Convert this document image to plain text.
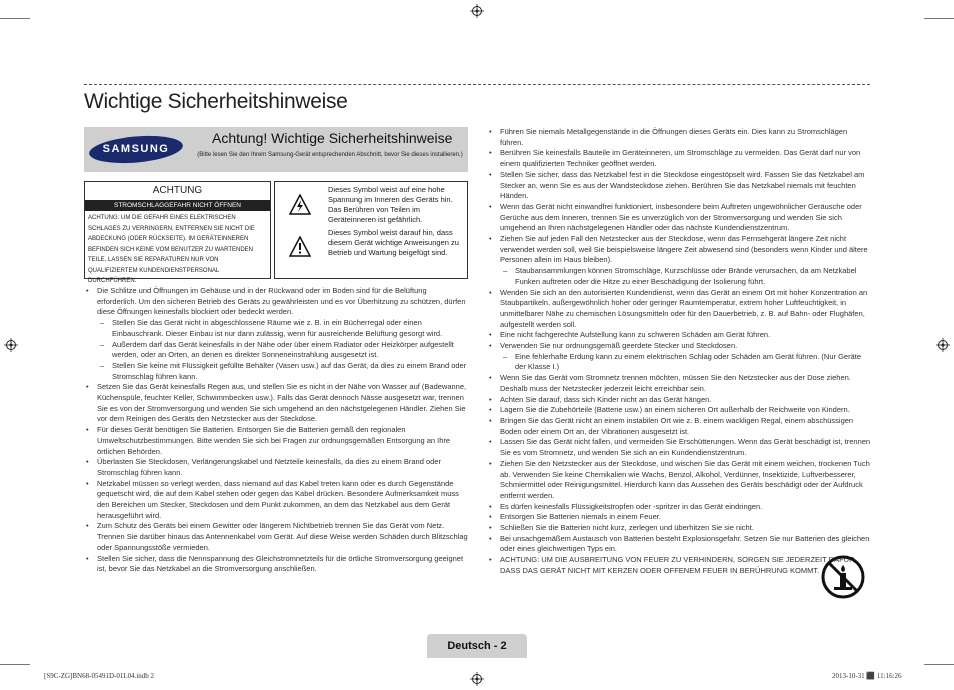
Wichtige Sicherheitshinweise
SAMSUNG
Achtung! Wichtige Sicherheitshinweise
(Bitte lesen Sie den Ihrem Samsung-Gerät entsprechenden Abschnitt, bevor Sie dieses installieren.)
ACHTUNG
STROMSCHLAGGEFAHR NICHT ÖFFNEN
ACHTUNG: UM DIE GEFAHR EINES ELEKTRISCHEN SCHLAGES ZU VERRINGERN, ENTFERNEN SIE NICHT DIE ABDECKUNG (ODER RÜCKSEITE). IM GERÄTEINNEREN BEFINDEN SICH KEINE VOM BENUTZER ZU WARTENDEN TEILE. LASSEN SIE REPARATUREN NUR VON QUALIFIZIERTEM KUNDENDIENSTPERSONAL DURCHFÜHREN.
Dieses Symbol weist auf eine hohe Spannung im Inneren des Geräts hin. Das Berühren von Teilen im Geräteinneren ist gefährlich.
Dieses Symbol weist darauf hin, dass diesem Gerät wichtige Anweisungen zu Betrieb und Wartung beigefügt sind.
• Die Schlitze und Öffnungen im Gehäuse und in der Rückwand oder im Boden sind für die Belüftung erforderlich. Um den sicheren Betrieb des Geräts zu gewährleisten und es vor Überhitzung zu schützen, dürfen diese Öffnungen keinesfalls blockiert oder bedeckt werden.
– Stellen Sie das Gerät nicht in abgeschlossene Räume wie z. B. in ein Bücherregal oder einen Einbauschrank. Dieser Einbau ist nur dann zulässig, wenn für ausreichende Belüftung gesorgt wird.
– Außerdem darf das Gerät keinesfalls in der Nähe oder über einem Radiator oder Heizkörper aufgestellt werden, oder an Orten, an denen es direkter Sonneneinstrahlung ausgesetzt ist.
– Stellen Sie keine mit Flüssigkeit gefüllte Behälter (Vasen usw.) auf das Gerät, da dies zu einem Brand oder Stromschlag führen kann.
• Setzen Sie das Gerät keinesfalls Regen aus, und stellen Sie es nicht in der Nähe von Wasser auf (Badewanne, Küchenspüle, feuchter Keller, Schwimmbecken usw.). Falls das Gerät dennoch Nässe ausgesetzt war, trennen Sie es von der Stromversorgung und wenden Sie sich umgehend an den nächstgelegenen Händler. Ziehen Sie vor dem Reinigen des Geräts den Netzstecker aus der Steckdose.
• Für dieses Gerät benötigen Sie Batterien. Entsorgen Sie die Batterien gemäß den regionalen Umweltschutzbestimmungen. Bitte wenden Sie sich bei Fragen zur ordnungsgemäßen Entsorgung an Ihre örtlichen Behörden.
• Überlasten Sie Steckdosen, Verlängerungskabel und Netzteile keinesfalls, da dies zu einem Brand oder Stromschlag führen kann.
• Netzkabel müssen so verlegt werden, dass niemand auf das Kabel treten kann oder es durch Gegenstände gequetscht wird, die auf dem Kabel stehen oder gegen das Kabel drücken. Besondere Aufmerksamkeit muss den Bereichen um Stecker, Steckdosen und dem Punkt zukommen, an dem das Netzkabel aus dem Gerät herausgeführt wird.
• Zum Schutz des Geräts bei einem Gewitter oder längerem Nichtbetrieb trennen Sie das Gerät vom Netz. Trennen Sie darüber hinaus das Antennenkabel vom Gerät. Auf diese Weise werden Schäden durch Blitzschlag oder Spannungsstöße vermieden.
• Stellen Sie sicher, dass die Nennspannung des Gleichstromnetzteils für die örtliche Stromversorgung geeignet ist, bevor Sie das Netzkabel an die Stromversorgung anschließen.
• Führen Sie niemals Metallgegenstände in die Öffnungen dieses Geräts ein. Dies kann zu Stromschlägen führen.
• Berühren Sie keinesfalls Bauteile im Geräteinneren, um Stromschläge zu vermeiden. Das Gerät darf nur von einem qualifizierten Techniker geöffnet werden.
• Stellen Sie sicher, dass das Netzkabel fest in die Steckdose eingestöpselt wird. Fassen Sie das Netzkabel am Stecker an, wenn Sie es aus der Wandsteckdose ziehen. Berühren Sie das Netzkabel niemals mit feuchten Händen.
• Wenn das Gerät nicht einwandfrei funktioniert, insbesondere beim Auftreten ungewöhnlicher Geräusche oder Gerüche aus dem Inneren, trennen Sie es unverzüglich von der Stromversorgung und wenden Sie sich umgehend an Ihren nächstgelegenen Händler oder das nächste Kundendienstzentrum.
• Ziehen Sie auf jeden Fall den Netzstecker aus der Steckdose, wenn das Fernsehgerät längere Zeit nicht verwendet werden soll, weil Sie beispielsweise längere Zeit abwesend sind (besonders wenn Kinder und ältere Personen allein im Haus bleiben).
– Staubansammlungen können Stromschläge, Kurzschlüsse oder Brände verursachen, da am Netzkabel Funken auftreten oder die Hitze zu einer Beschädigung der Isolierung führt.
• Wenden Sie sich an den autorisierten Kundendienst, wenn das Gerät an einem Ort mit hoher Konzentration an Staubpartikeln, außergewöhnlich hoher oder geringer Raumtemperatur, extrem hoher Luftfeuchtigkeit, in unmittelbarer Nähe zu chemischen Lösungsmitteln oder für den Dauerbetrieb, z. B. auf Bahn- oder Flughäfen, aufgestellt werden soll.
• Eine nicht fachgerechte Aufstellung kann zu schweren Schäden am Gerät führen.
• Verwenden Sie nur ordnungsgemäß geerdete Stecker und Steckdosen.
– Eine fehlerhafte Erdung kann zu einem elektrischen Schlag oder Schäden am Gerät führen. (Nur Geräte der Klasse I.)
• Wenn Sie das Gerät vom Stromnetz trennen möchten, müssen Sie den Netzstecker aus der Dose ziehen. Deshalb muss der Netzstecker jederzeit leicht erreichbar sein.
• Achten Sie darauf, dass sich Kinder nicht an das Gerät hängen.
• Lagern Sie die Zubehörteile (Batterie usw.) an einem sicheren Ort außerhalb der Reichweite von Kindern.
• Bringen Sie das Gerät nicht an einem instabilen Ort wie z. B. einem wackligen Regal, einem abschüssigen Boden oder einem Ort an, der Vibrationen ausgesetzt ist.
• Lassen Sie das Gerät nicht fallen, und vermeiden Sie Erschütterungen. Wenn das Gerät beschädigt ist, trennen Sie es vom Stromnetz, und wenden Sie sich an ein Kundendienstzentrum.
• Ziehen Sie den Netzstecker aus der Steckdose, und wischen Sie das Gerät mit einem weichen, trockenen Tuch ab. Verwenden Sie keine Chemikalien wie Wachs, Benzol, Alkohol, Verdünner, Insektizide, Luftverbesserer, Schmiermittel oder Reinigungsmittel. Hierdurch kann das Aussehen des Geräts beschädigt oder der Aufdruck entfernt werden.
• Es dürfen keinesfalls Flüssigkeitstropfen oder -spritzer in das Gerät eindringen.
• Entsorgen Sie Batterien niemals in einem Feuer.
• Schließen Sie die Batterien nicht kurz, zerlegen und überhitzen Sie sie nicht.
• Bei unsachgemäßem Austausch von Batterien besteht Explosionsgefahr. Setzen Sie nur Batterien des gleichen oder eines gleichwertigen Typs ein.
• ACHTUNG: UM DIE AUSBREITUNG VON FEUER ZU VERHINDERN, SORGEN SIE JEDERZEIT DAFÜR, DASS DAS GERÄT NICHT MIT KERZEN ODER OFFENEM FEUER IN BERÜHRUNG KOMMT.
Deutsch - 2
[S9C-ZG]BN68-05491D-01L04.indb 2	2013-10-31 ⬛ 11:16:26
